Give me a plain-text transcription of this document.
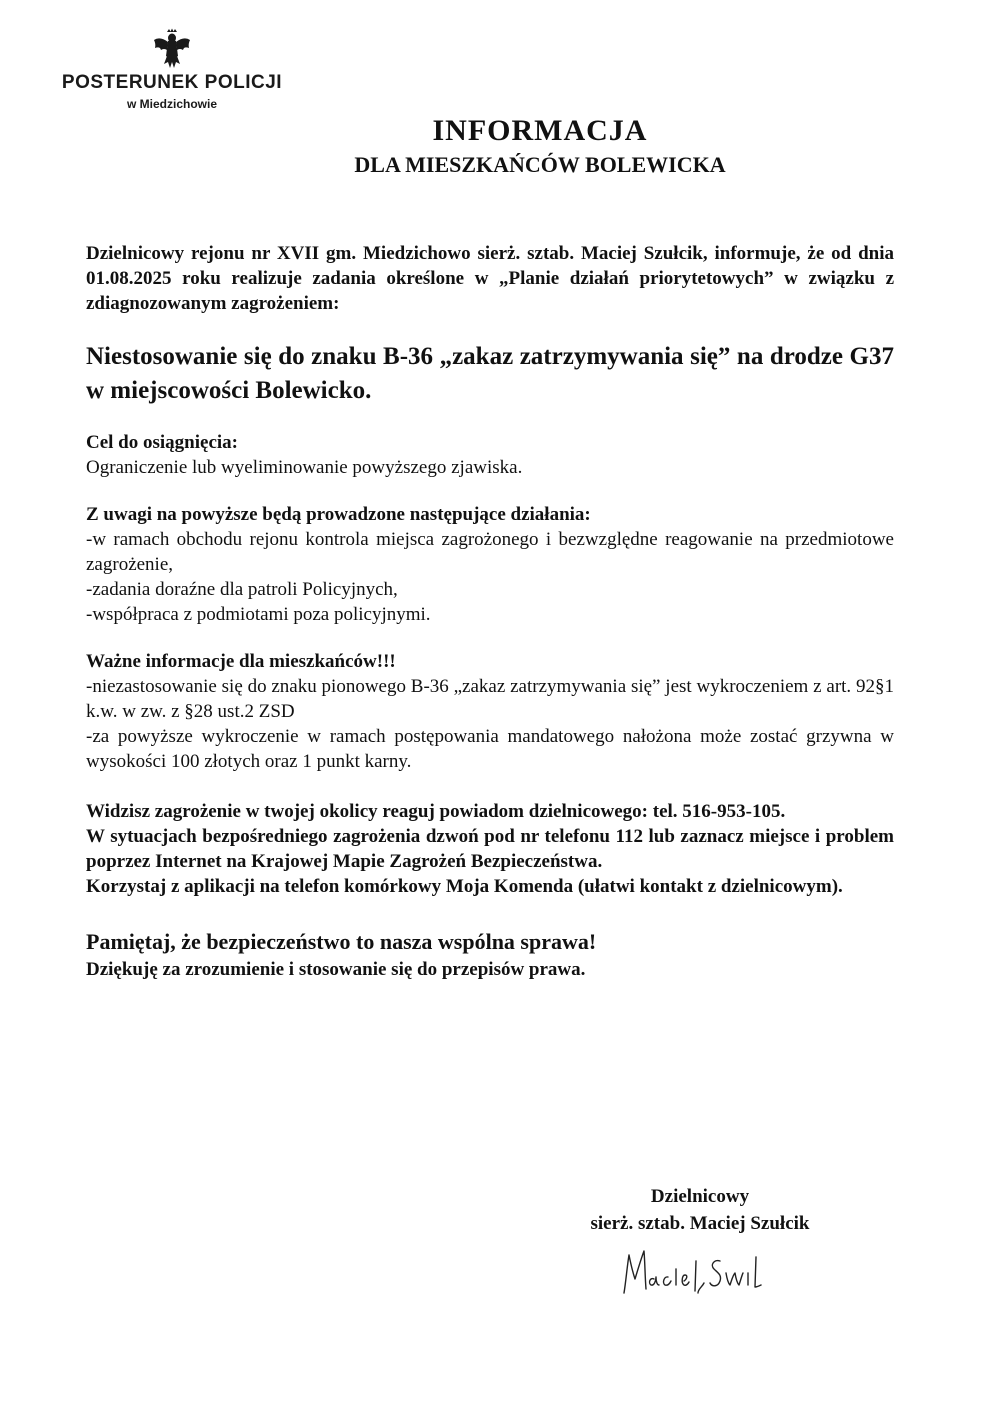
POSTERUNEK POLICJI
w Miedzichowie
INFORMACJA
DLA MIESZKAŃCÓW BOLEWICKA

Dzielnicowy rejonu nr XVII gm. Miedzichowo sierż. sztab. Maciej Szułcik, informuje, że od dnia 01.08.2025 roku realizuje zadania określone w „Planie działań priorytetowych” w związku z zdiagnozowanym zagrożeniem:

Niestosowanie się do znaku B-36 „zakaz zatrzymywania się” na drodze G37 w miejscowości Bolewicko.

Cel do osiągnięcia:

Ograniczenie lub wyeliminowanie powyższego zjawiska.

Z uwagi na powyższe będą prowadzone następujące działania:

-w ramach obchodu rejonu kontrola miejsca zagrożonego i bezwzględne reagowanie na przedmiotowe zagrożenie,

-zadania doraźne dla patroli Policyjnych,

-współpraca z podmiotami poza policyjnymi.

Ważne informacje dla mieszkańców!!!

-niezastosowanie się do znaku pionowego B-36 „zakaz zatrzymywania się” jest wykroczeniem z art. 92§1 k.w. w zw. z §28 ust.2 ZSD

-za powyższe wykroczenie w ramach postępowania mandatowego nałożona może zostać grzywna w wysokości 100 złotych oraz 1 punkt karny.

Widzisz zagrożenie w twojej okolicy reaguj powiadom dzielnicowego: tel. 516-953-105.

W sytuacjach bezpośredniego zagrożenia dzwoń pod nr telefonu 112 lub zaznacz miejsce i problem poprzez Internet na Krajowej Mapie Zagrożeń Bezpieczeństwa.

Korzystaj z aplikacji na telefon komórkowy Moja Komenda (ułatwi kontakt z dzielnicowym).

Pamiętaj, że bezpieczeństwo to nasza wspólna sprawa!

Dziękuję za zrozumienie i stosowanie się do przepisów prawa.

Dzielnicowy
sierż. sztab. Maciej Szułcik
